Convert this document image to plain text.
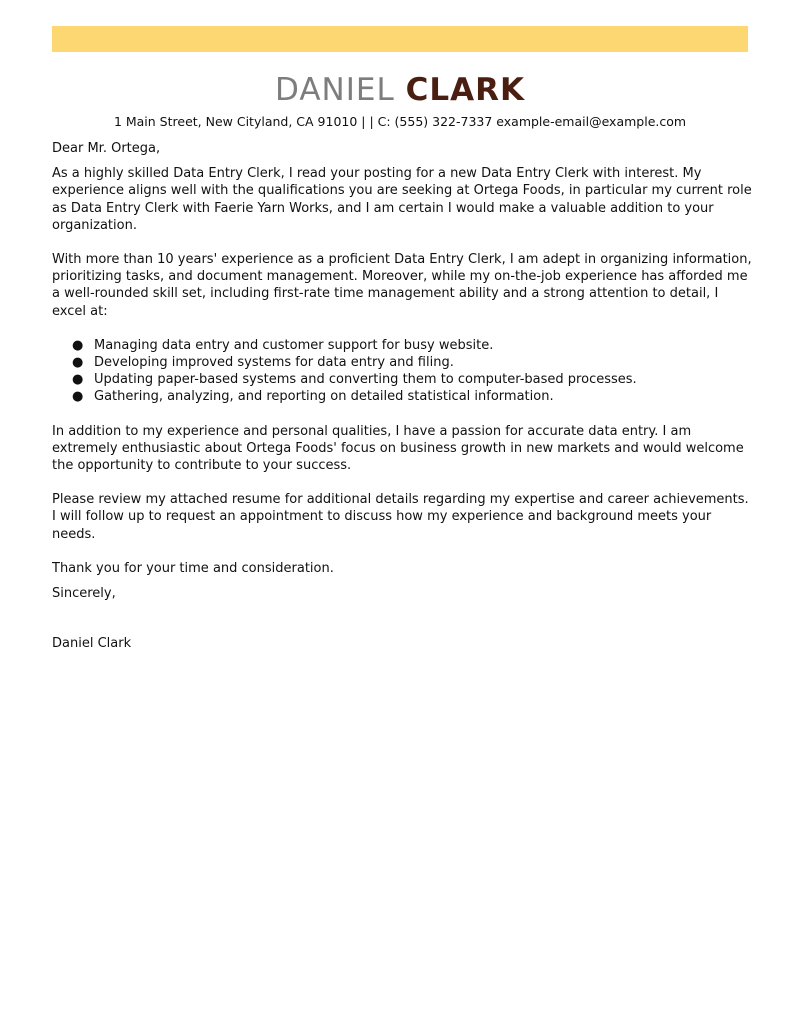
DANIEL CLARK
1 Main Street, New Cityland, CA 91010 | | C: (555) 322-7337 example-email@example.com

Dear Mr. Ortega,

As a highly skilled Data Entry Clerk, I read your posting for a new Data Entry Clerk with interest. My experience aligns well with the qualifications you are seeking at Ortega Foods, in particular my current role as Data Entry Clerk with Faerie Yarn Works, and I am certain I would make a valuable addition to your organization.

With more than 10 years' experience as a proficient Data Entry Clerk, I am adept in organizing information, prioritizing tasks, and document management. Moreover, while my on-the-job experience has afforded me a well-rounded skill set, including first-rate time management ability and a strong attention to detail, I excel at:

● Managing data entry and customer support for busy website.
● Developing improved systems for data entry and filing.
● Updating paper-based systems and converting them to computer-based processes.
● Gathering, analyzing, and reporting on detailed statistical information.

In addition to my experience and personal qualities, I have a passion for accurate data entry. I am extremely enthusiastic about Ortega Foods' focus on business growth in new markets and would welcome the opportunity to contribute to your success.

Please review my attached resume for additional details regarding my expertise and career achievements. I will follow up to request an appointment to discuss how my experience and background meets your needs.

Thank you for your time and consideration.

Sincerely,

Daniel Clark
